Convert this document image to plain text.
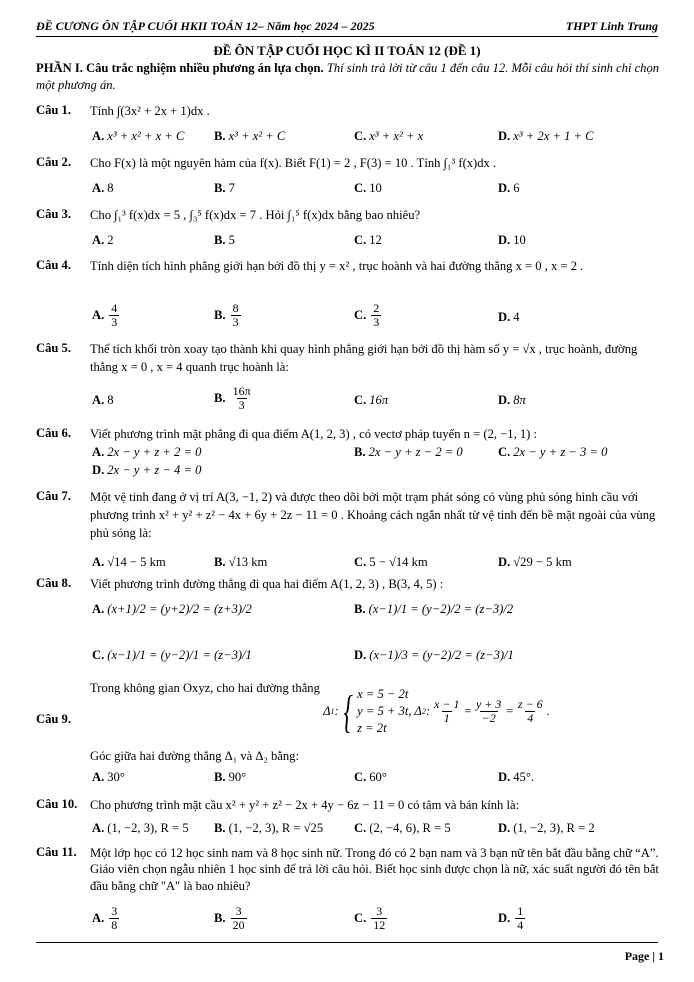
ĐỀ CƯƠNG ÔN TẬP CUỐI HKII TOÁN 12– Năm học 2024 – 2025	THPT Linh Trung
ĐỀ ÔN TẬP CUỐI HỌC KÌ II TOÁN 12 (ĐỀ 1)
PHẦN I. Câu trắc nghiệm nhiều phương án lựa chọn. Thí sinh trả lời từ câu 1 đến câu 12. Mỗi câu hỏi thí sinh chỉ chọn một phương án.
Câu 1. Tính ∫(3x² + 2x + 1)dx .
A. x³ + x² + x + C B. x³ + x² + C	C. x³ + x² + x	D. x³ + 2x + 1 + C
Câu 2. Cho F(x) là một nguyên hàm của f(x). Biết F(1) = 2 , F(3) = 10 . Tính ∫₁³ f(x)dx .
A. 8	B. 7	C. 10	D. 6
Câu 3. Cho ∫₁³ f(x)dx = 5 , ∫₃⁵ f(x)dx = 7 . Hỏi ∫₁⁵ f(x)dx bằng bao nhiêu?
A. 2	B. 5	C. 12	D. 10
Câu 4. Tính diện tích hình phẳng giới hạn bởi đồ thị y = x² , trục hoành và hai đường thẳng x = 0 , x = 2 .
A. $\frac{4}{3}$	B. $\frac{8}{3}$	C. $\frac{2}{3}$	D. 4
Câu 5. Thể tích khối tròn xoay tạo thành khi quay hình phẳng giới hạn bởi đồ thị hàm số y = √x , trục hoành, đường thẳng x = 0 , x = 4 quanh trục hoành là:
A. 8	B. $\frac{16\pi}{3}$	C. 16π	D. 8π
Câu 6. Viết phương trình mặt phẳng đi qua điểm A(1, 2, 3) , có vectơ pháp tuyến n = (2, −1, 1) :
A. 2x − y + z + 2 = 0	B. 2x − y + z − 2 = 0	C. 2x − y + z − 3 = 0
D. 2x − y + z − 4 = 0
Câu 7. Một vệ tinh đang ở vị trí A(3, −1, 2) và được theo dõi bởi một trạm phát sóng có vùng phủ sóng hình cầu với phương trình x² + y² + z² − 4x + 6y + 2z − 11 = 0 . Khoảng cách ngắn nhất từ vệ tinh đến bề mặt ngoài của vùng phủ sóng là:
A. √14 − 5 km	B. √13 km	C. 5 − √14 km	D. √29 − 5 km
Câu 8. Viết phương trình đường thẳng đi qua hai điểm A(1, 2, 3) , B(3, 4, 5) :
A. (x+1)/2 = (y+2)/2 = (z+3)/2	B. (x−1)/1 = (y−2)/2 = (z−3)/2
C. (x−1)/1 = (y−2)/1 = (z−3)/1	D. (x−1)/3 = (y−2)/2 = (z−3)/1
Câu 9.
Trong không gian Oxyz, cho hai đường thẳng Δ 1 : { x = 5 − 2t
y = 5 + 3t
z = 2t
, Δ 2 : $\frac{x - 1}{1} = \frac{y + 3}{-2} = \frac{z - 6}{4}$ .
Góc giữa hai đường thẳng Δ₁ và Δ₂ bằng:
A. 30°	B. 90°	C. 60°	D. 45°.
Câu 10. Cho phương trình mặt cầu x² + y² + z² − 2x + 4y − 6z − 11 = 0 có tâm và bán kính là:
A. (1, −2, 3), R = 5 B. (1, −2, 3), R = √25 C. (2, −4, 6), R = 5	D. (1, −2, 3), R = 2
Câu 11. Một lớp học có 12 học sinh nam và 8 học sinh nữ. Trong đó có 2 bạn nam và 3 bạn nữ tên bắt đầu bằng chữ “A”. Giáo viên chọn ngẫu nhiên 1 học sinh để trả lời câu hỏi. Biết học sinh được chọn là nữ, xác suất người đó tên bắt đầu bằng chữ "A" là bao nhiêu?
A. $\frac{3}{8}$	B. $\frac{3}{20}$	C. $\frac{3}{12}$	D. $\frac{1}{4}$
Page | 1
